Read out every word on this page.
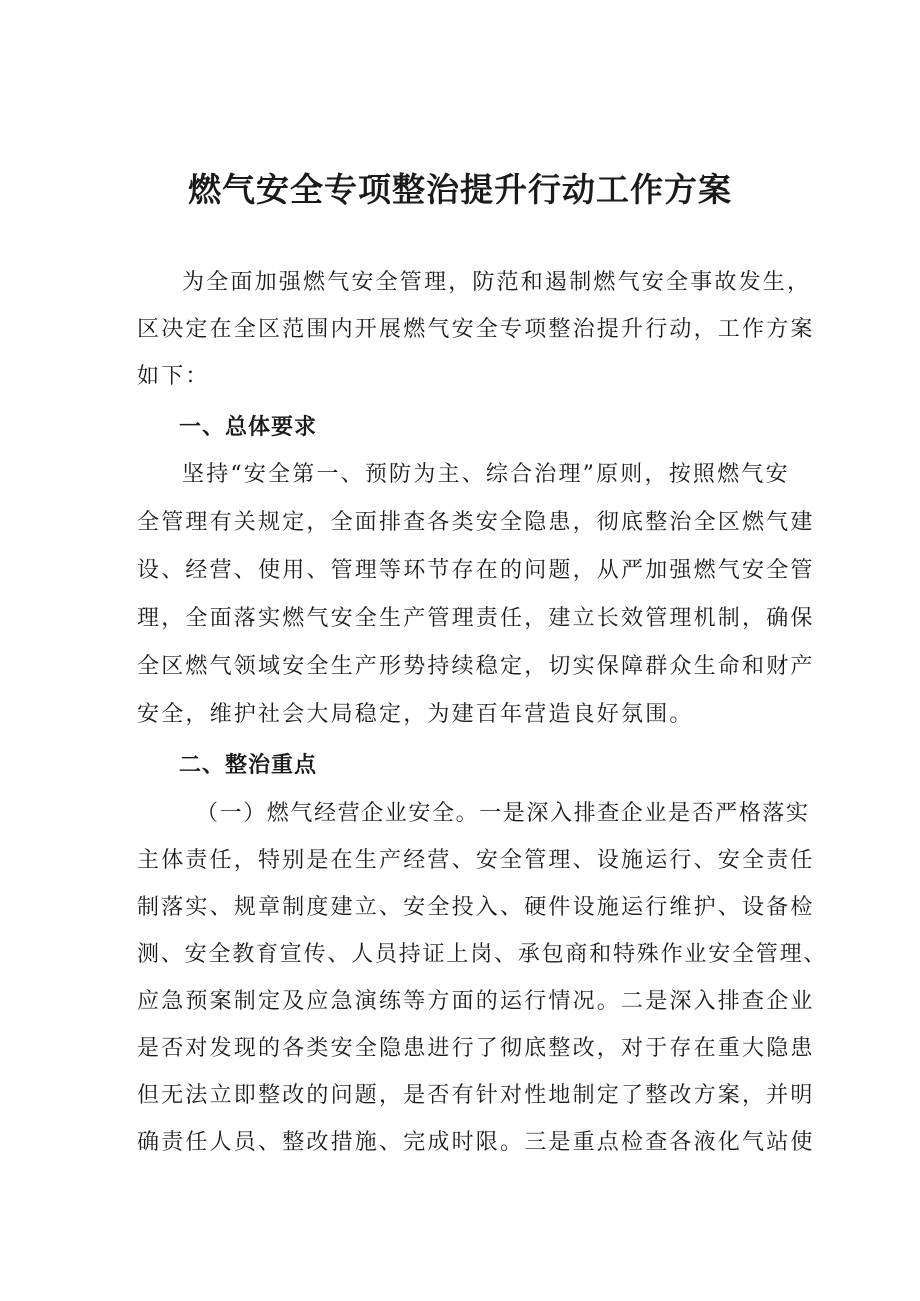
燃气安全专项整治提升行动工作方案
为全面加强燃气安全管理，防范和遏制燃气安全事故发生，
区决定在全区范围内开展燃气安全专项整治提升行动，工作方案
如下：
一、总体要求
坚持“安全第一、预防为主、综合治理”原则，按照燃气安
全管理有关规定，全面排查各类安全隐患，彻底整治全区燃气建
设、经营、使用、管理等环节存在的问题，从严加强燃气安全管
理，全面落实燃气安全生产管理责任，建立长效管理机制，确保
全区燃气领域安全生产形势持续稳定，切实保障群众生命和财产
安全，维护社会大局稳定，为建百年营造良好氛围。
二、整治重点
（一）燃气经营企业安全。一是深入排查企业是否严格落实
主体责任，特别是在生产经营、安全管理、设施运行、安全责任
制落实、规章制度建立、安全投入、硬件设施运行维护、设备检
测、安全教育宣传、人员持证上岗、承包商和特殊作业安全管理、
应急预案制定及应急演练等方面的运行情况。二是深入排查企业
是否对发现的各类安全隐患进行了彻底整改，对于存在重大隐患
但无法立即整改的问题，是否有针对性地制定了整改方案，并明
确责任人员、整改措施、完成时限。三是重点检查各液化气站使
